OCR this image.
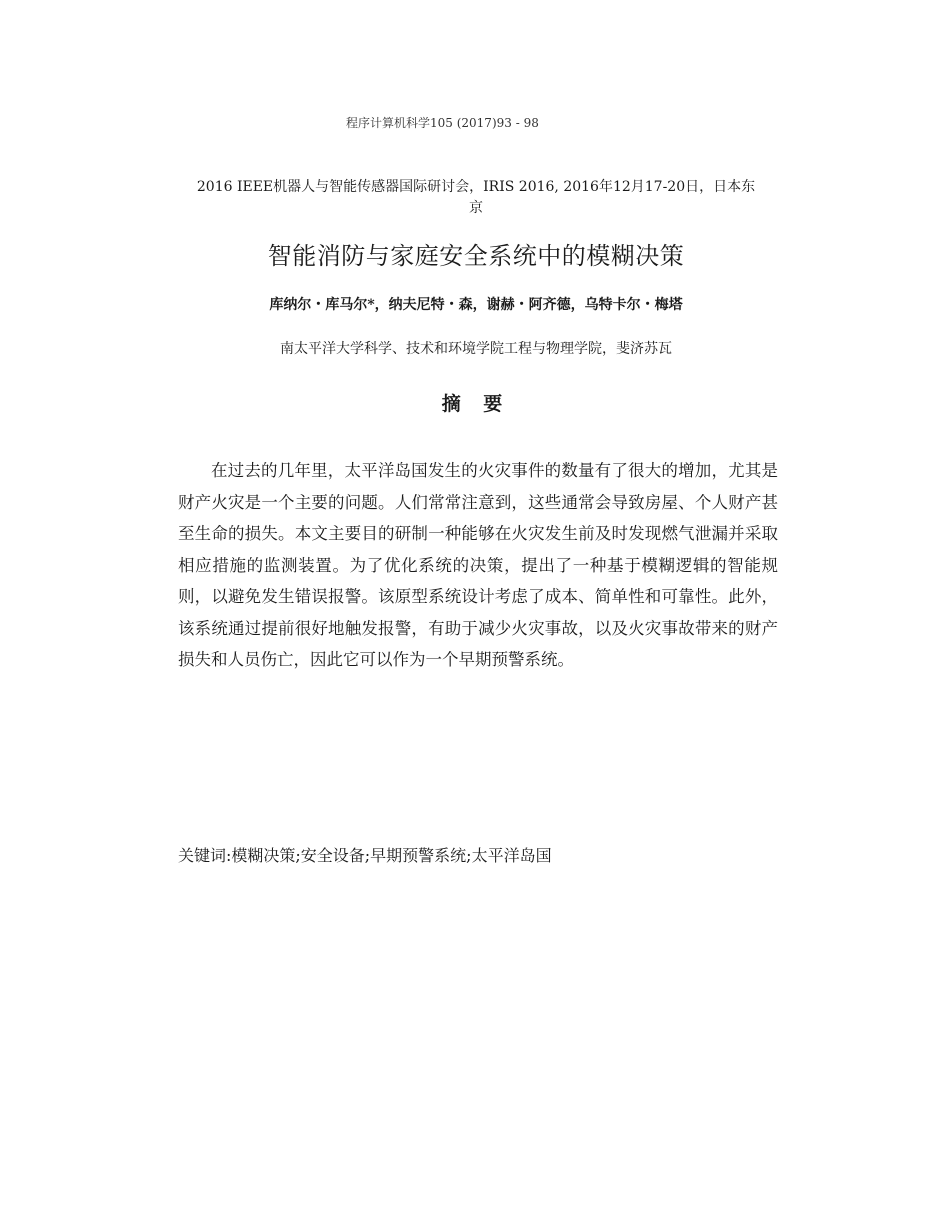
程序计算机科学105 (2017)93 - 98
2016 IEEE机器人与智能传感器国际研讨会，IRIS 2016, 2016年12月17-20日，日本东京
智能消防与家庭安全系统中的模糊决策
库纳尔・库马尔*，纳夫尼特・森，谢赫・阿齐德，乌特卡尔・梅塔
南太平洋大学科学、技术和环境学院工程与物理学院，斐济苏瓦
摘 要

在过去的几年里，太平洋岛国发生的火灾事件的数量有了很大的增加，尤其是财产火灾是一个主要的问题。人们常常注意到，这些通常会导致房屋、个人财产甚至生命的损失。本文主要目的研制一种能够在火灾发生前及时发现燃气泄漏并采取相应措施的监测装置。为了优化系统的决策，提出了一种基于模糊逻辑的智能规则，以避免发生错误报警。该原型系统设计考虑了成本、简单性和可靠性。此外，该系统通过提前很好地触发报警，有助于减少火灾事故，以及火灾事故带来的财产损失和人员伤亡，因此它可以作为一个早期预警系统。

关键词:模糊决策;安全设备;早期预警系统;太平洋岛国
